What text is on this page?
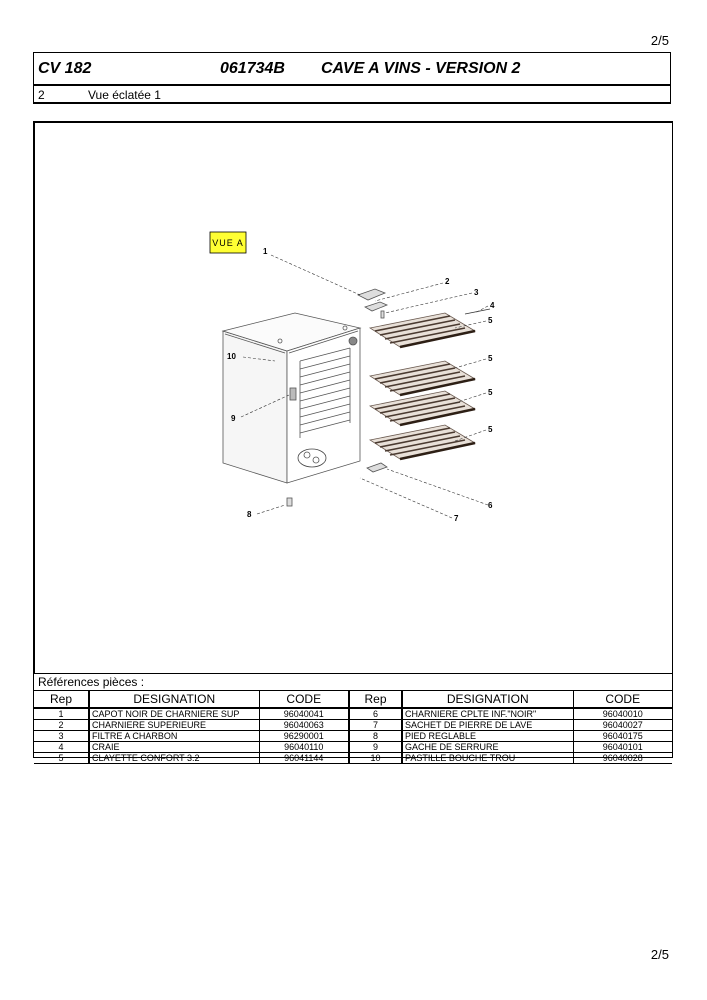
2/5
CV 182	061734B CAVE A VINS - VERSION 2
2	Vue éclatée 1
VUE A
1
2
3
4
5
5
5
5
6
7
8
9
10
Références pièces :
Rep	DESIGNATION	CODE	Rep	DESIGNATION	CODE
1	CAPOT NOIR DE CHARNIERE SUP	96040041	6	CHARNIERE CPLTE INF."NOIR"	96040010
2	CHARNIERE SUPERIEURE	96040063	7	SACHET DE PIERRE DE LAVE	96040027
3	FILTRE A CHARBON	96290001	8	PIED REGLABLE	96040175
4	CRAIE	96040110	9	GACHE DE SERRURE	96040101
5	CLAYETTE CONFORT 3.2	96041144	10	PASTILLE BOUCHE TROU	96040028
2/5
